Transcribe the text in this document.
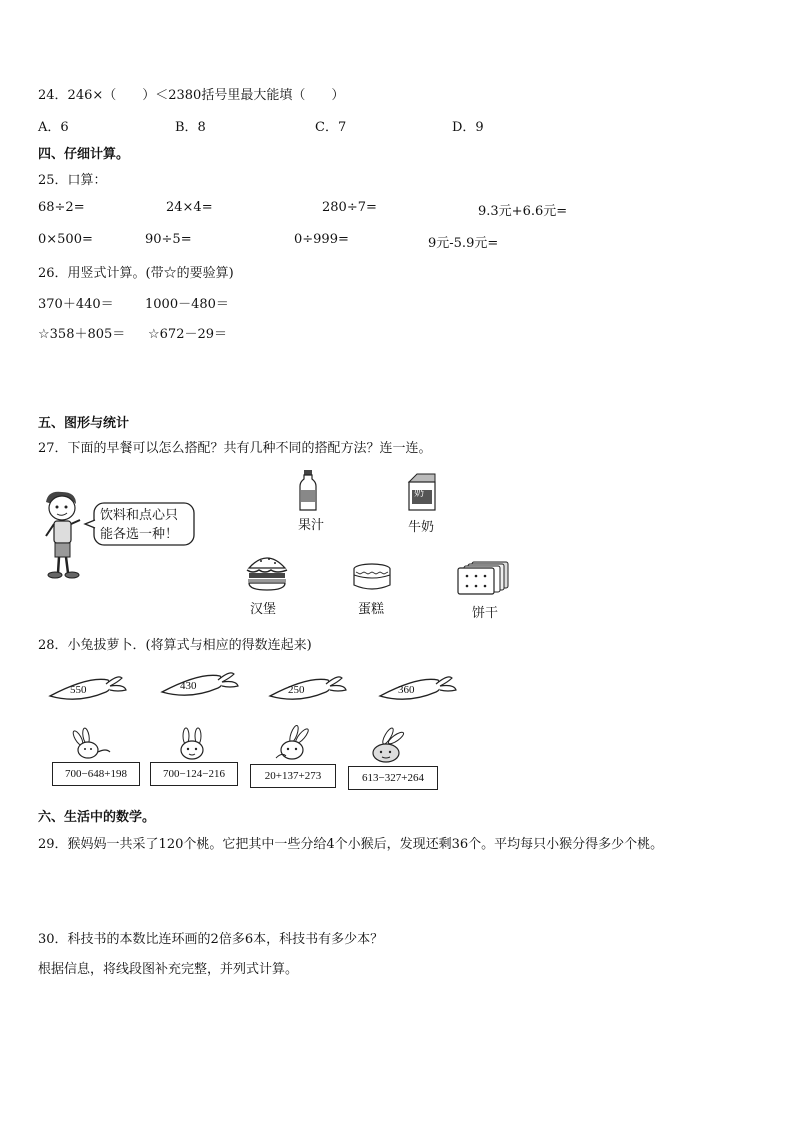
24．246×（　　）＜2380括号里最大能填（　　）
A．6	B．8	C．7	D．9
四、仔细计算。
25．口算：
68÷2=	24×4=	280÷7=	9.3元+6.6元=
0×500=	90÷5=	0÷999=	9元-5.9元=
26．用竖式计算。(带☆的要验算)
370＋440＝ 1000－480＝
☆358＋805＝ ☆672－29＝
五、图形与统计
27．下面的早餐可以怎么搭配？共有几种不同的搭配方法？连一连。
饮料和点心只
能各选一种！
果汁
奶
牛奶
汉堡	蛋糕	饼干
28．小兔拔萝卜．(将算式与相应的得数连起来)
550	430	250	360
700−648+198	700−124−216	20+137+273	613−327+264
六、生活中的数学。
29．猴妈妈一共采了120个桃。它把其中一些分给4个小猴后，发现还剩36个。平均每只小猴分得多少个桃。
30．科技书的本数比连环画的2倍多6本，科技书有多少本？
根据信息，将线段图补充完整，并列式计算。
